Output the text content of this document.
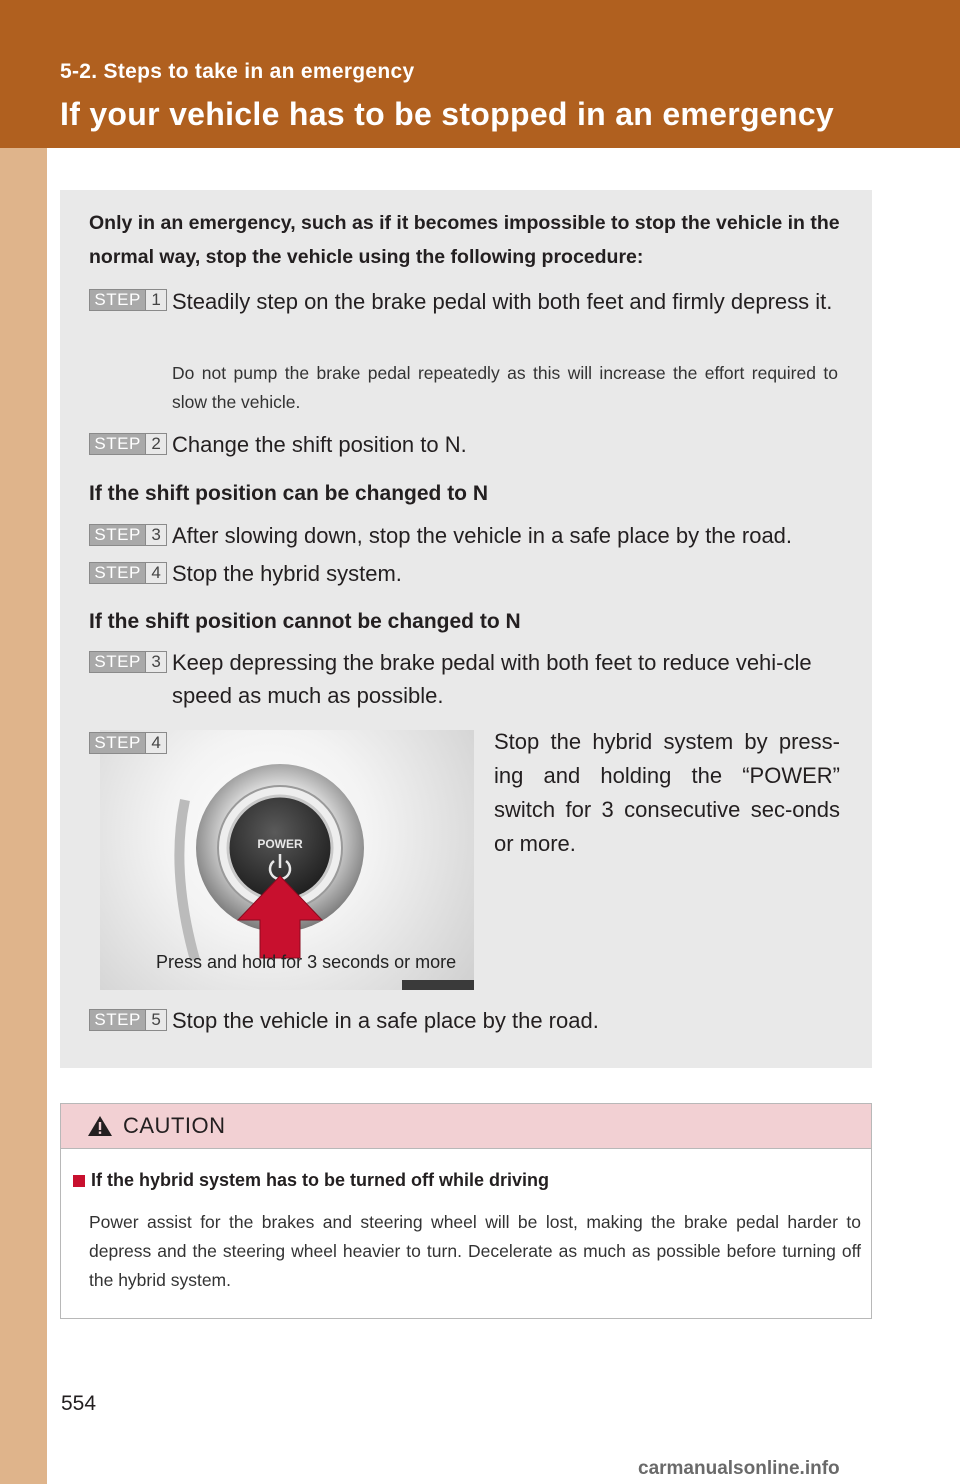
5-2. Steps to take in an emergency
If your vehicle has to be stopped in an emergency

Only in an emergency, such as if it becomes impossible to stop the vehicle in the normal way, stop the vehicle using the following procedure:

STEP 1 Steadily step on the brake pedal with both feet and firmly depress it.
Do not pump the brake pedal repeatedly as this will increase the effort required to slow the vehicle.
STEP 2 Change the shift position to N.
If the shift position can be changed to N
STEP 3 After slowing down, stop the vehicle in a safe place by the road.
STEP 4 Stop the hybrid system.
If the shift position cannot be changed to N
STEP 3 Keep depressing the brake pedal with both feet to reduce vehi-cle speed as much as possible.
POWER
Press and hold for 3 seconds or more
STEP 4	Stop the hybrid system by press-ing and holding the “POWER” switch for 3 consecutive sec-onds or more.
STEP 5 Stop the vehicle in a safe place by the road.
CAUTION
If the hybrid system has to be turned off while driving
Power assist for the brakes and steering wheel will be lost, making the brake pedal harder to depress and the steering wheel heavier to turn. Decelerate as much as possible before turning off the hybrid system.
554
carmanualsonline.info
